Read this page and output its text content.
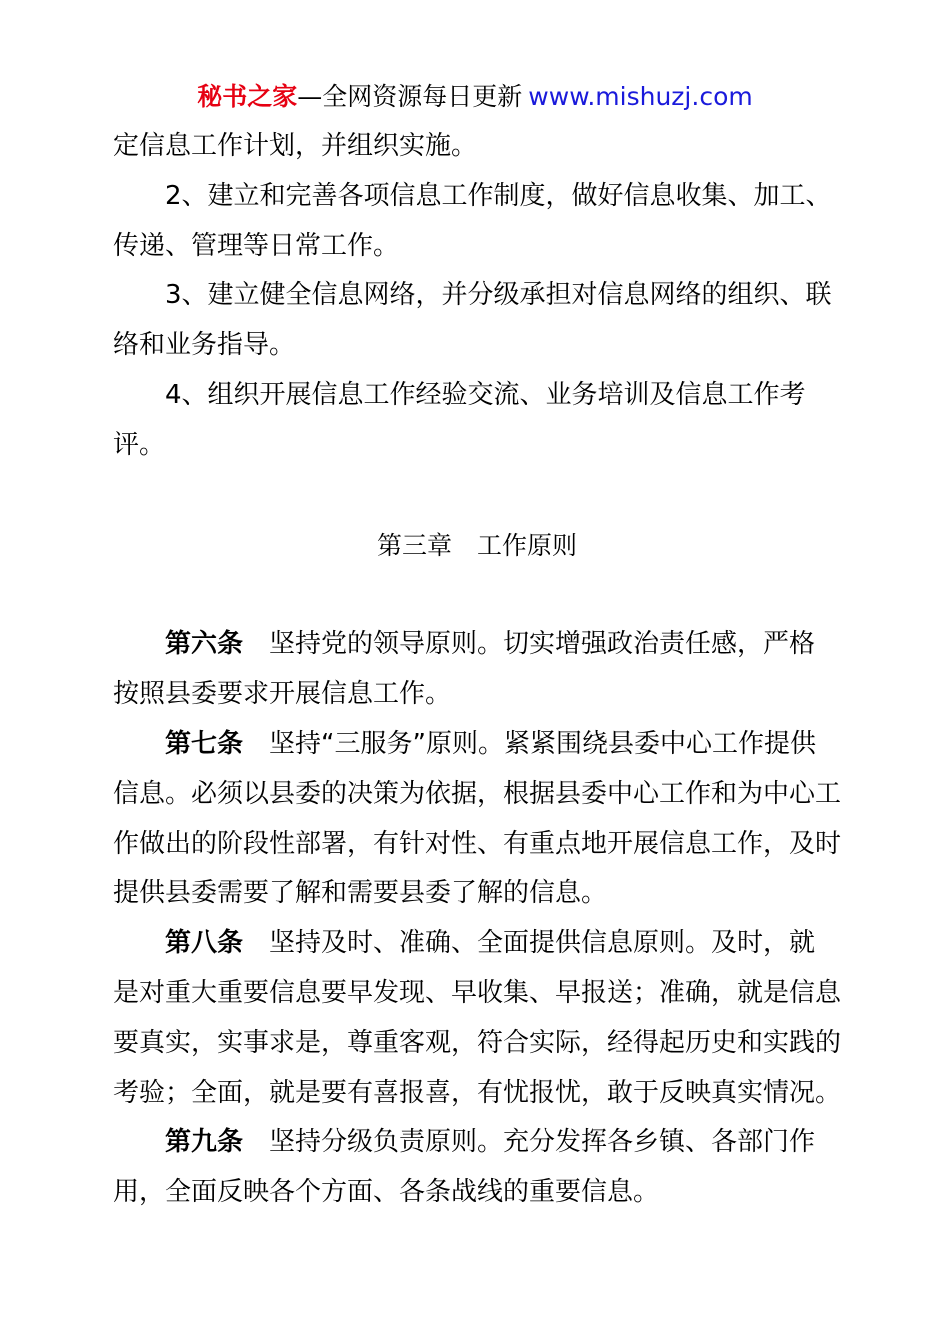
秘书之家—全网资源每日更新 www.mishuzj.com

定信息工作计划，并组织实施。

2、建立和完善各项信息工作制度，做好信息收集、加工、传递、管理等日常工作。

3、建立健全信息网络，并分级承担对信息网络的组织、联络和业务指导。

4、组织开展信息工作经验交流、业务培训及信息工作考评。

第三章　工作原则

第六条 坚持党的领导原则。切实增强政治责任感，严格按照县委要求开展信息工作。

第七条 坚持“三服务”原则。紧紧围绕县委中心工作提供信息。必须以县委的决策为依据，根据县委中心工作和为中心工作做出的阶段性部署，有针对性、有重点地开展信息工作，及时提供县委需要了解和需要县委了解的信息。

第八条 坚持及时、准确、全面提供信息原则。及时，就是对重大重要信息要早发现、早收集、早报送；准确，就是信息要真实，实事求是，尊重客观，符合实际，经得起历史和实践的考验；全面，就是要有喜报喜，有忧报忧，敢于反映真实情况。

第九条 坚持分级负责原则。充分发挥各乡镇、各部门作用，全面反映各个方面、各条战线的重要信息。
